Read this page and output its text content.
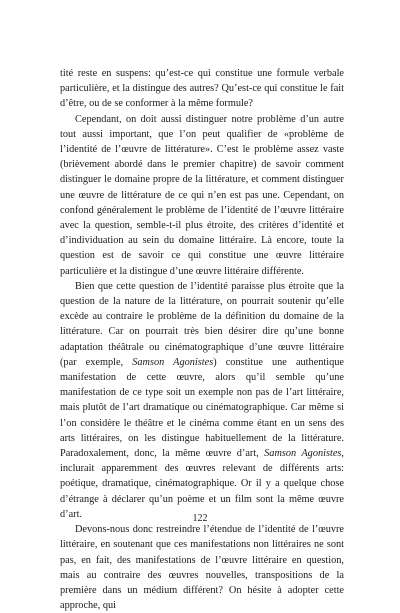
tité reste en suspens: qu’est-ce qui constitue une formule verbale particulière, et la distingue des autres? Qu’est-ce qui constitue le fait d’être, ou de se conformer à la même formule?

Cependant, on doit aussi distinguer notre problème d’un autre tout aussi important, que l’on peut qualifier de «problème de l’identité de l’œuvre de littérature». C’est le problème assez vaste (brièvement abordé dans le premier chapitre) de savoir comment distinguer le domaine propre de la littérature, et comment distinguer une œuvre de littérature de ce qui n’en est pas une. Cependant, on confond généralement le problème de l’identité de l’œuvre littéraire avec la question, semble-t-il plus étroite, des critères d’identité et d’individuation au sein du domaine littéraire. Là encore, toute la question est de savoir ce qui constitue une œuvre littéraire particulière et la distingue d’une œuvre littéraire différente.

Bien que cette question de l’identité paraisse plus étroite que la question de la nature de la littérature, on pourrait soutenir qu’elle excède au contraire le problème de la définition du domaine de la littérature. Car on pourrait très bien désirer dire qu’une bonne adaptation théâtrale ou cinématographique d’une œuvre littéraire (par exemple, Samson Agonistes) constitue une authentique manifestation de cette œuvre, alors qu’il semble qu’une manifestation de ce type soit un exemple non pas de l’art littéraire, mais plutôt de l’art dramatique ou cinématographique. Car même si l’on considère le théâtre et le cinéma comme étant en un sens des arts littéraires, on les distingue habituellement de la littérature. Paradoxalement, donc, la même œuvre d’art, Samson Agonistes, inclurait apparemment des œuvres relevant de différents arts: poétique, dramatique, cinématographique. Or il y a quelque chose d’étrange à déclarer qu’un poème et un film sont la même œuvre d’art.

Devons-nous donc restreindre l’étendue de l’identité de l’œuvre littéraire, en soutenant que ces manifestations non littéraires ne sont pas, en fait, des manifestations de l’œuvre littéraire en question, mais au contraire des œuvres nouvelles, transpositions de la première dans un médium différent? On hésite à adopter cette approche, qui

122
